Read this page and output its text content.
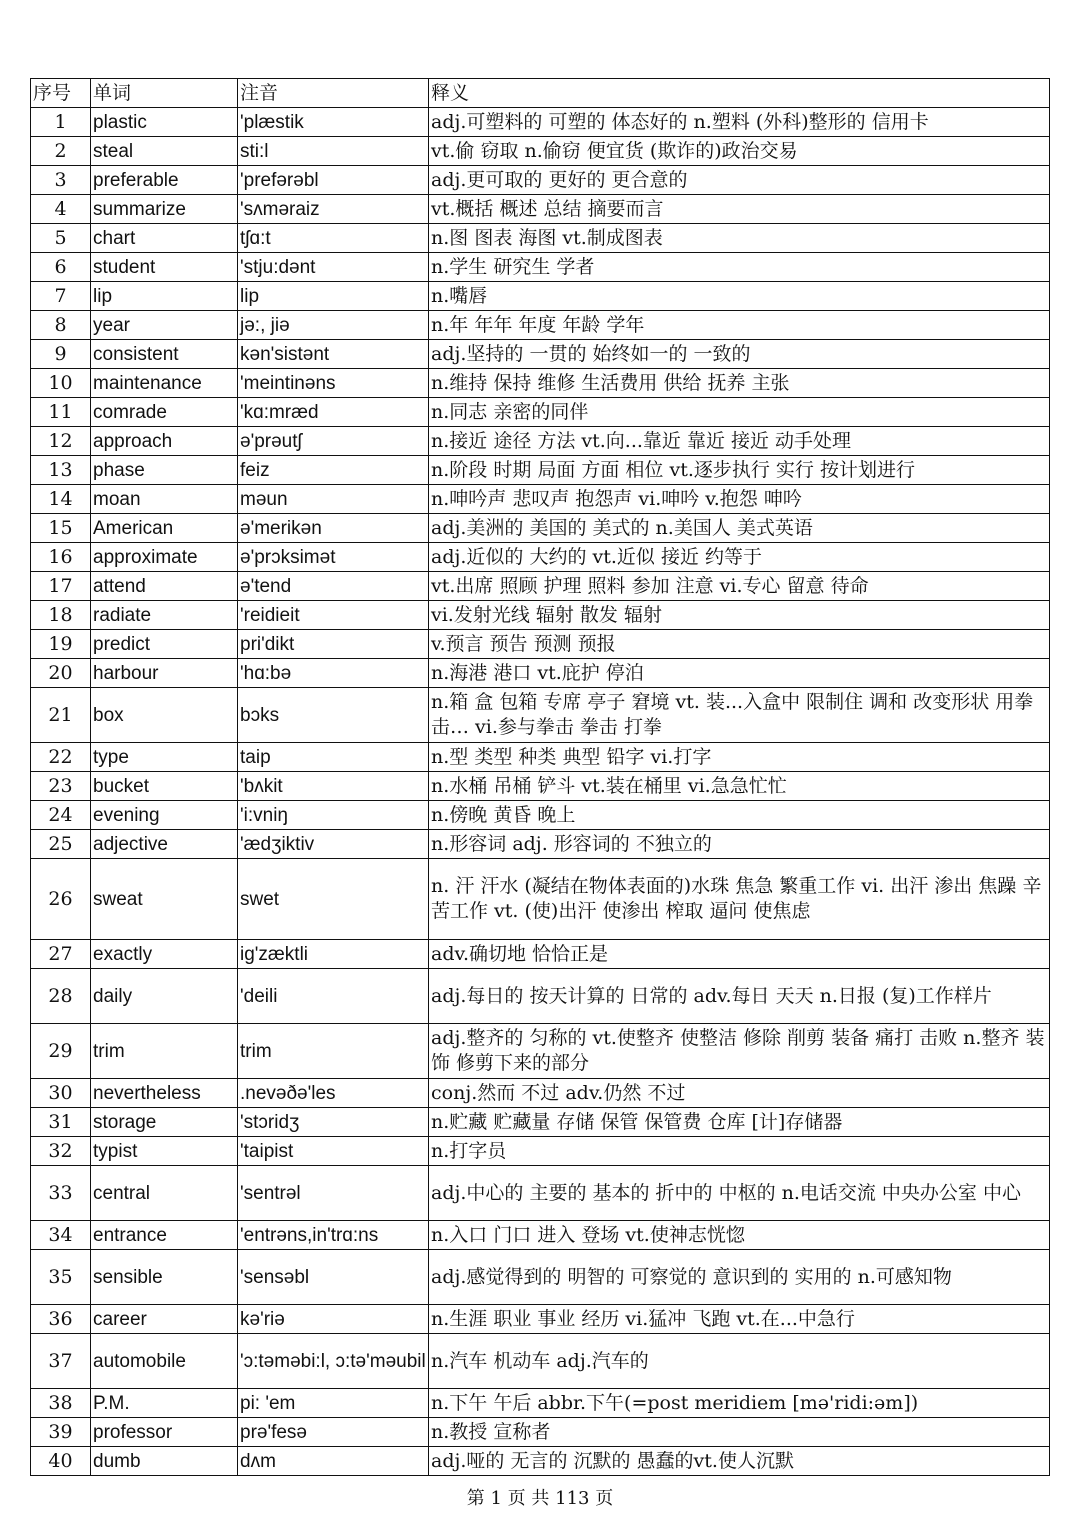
序号	单词	注音	释义
1	plastic	'plæstik	adj.可塑料的 可塑的 体态好的 n.塑料 (外科)整形的 信用卡
2	steal	sti:l	vt.偷 窃取 n.偷窃 便宜货 (欺诈的)政治交易
3	preferable	'prefərəbl	adj.更可取的 更好的 更合意的
4	summarize	'sʌməraiz	vt.概括 概述 总结 摘要而言
5	chart	tʃɑ:t	n.图 图表 海图 vt.制成图表
6	student	'stju:dənt	n.学生 研究生 学者
7	lip	lip	n.嘴唇
8	year	jə:, jiə	n.年 年年 年度 年龄 学年
9	consistent	kən'sistənt	adj.坚持的 一贯的 始终如一的 一致的
10	maintenance	'meintinəns	n.维持 保持 维修 生活费用 供给 抚养 主张
11	comrade	'kɑ:mræd	n.同志 亲密的同伴
12	approach	ə'prəutʃ	n.接近 途径 方法 vt.向...靠近 靠近 接近 动手处理
13	phase	feiz	n.阶段 时期 局面 方面 相位 vt.逐步执行 实行 按计划进行
14	moan	məun	n.呻吟声 悲叹声 抱怨声 vi.呻吟 v.抱怨 呻吟
15	American	ə'merikən	adj.美洲的 美国的 美式的 n.美国人 美式英语
16	approximate	ə'prɔksimət	adj.近似的 大约的 vt.近似 接近 约等于
17	attend	ə'tend	vt.出席 照顾 护理 照料 参加 注意 vi.专心 留意 待命
18	radiate	'reidieit	vi.发射光线 辐射 散发 辐射
19	predict	pri'dikt	v.预言 预告 预测 预报
20	harbour	'hɑ:bə	n.海港 港口 vt.庇护 停泊
21	box	bɔks	n.箱 盒 包箱 专席 亭子 窘境 vt. 装...入盒中 限制住 调和 改变形状 用拳击… vi.参与拳击 拳击 打拳
22	type	taip	n.型 类型 种类 典型 铅字 vi.打字
23	bucket	'bʌkit	n.水桶 吊桶 铲斗 vt.装在桶里 vi.急急忙忙
24	evening	'i:vniŋ	n.傍晚 黄昏 晚上
25	adjective	'ædʒiktiv	n.形容词 adj. 形容词的 不独立的
26	sweat	swet	n. 汗 汗水 (凝结在物体表面的)水珠 焦急 繁重工作 vi. 出汗 渗出 焦躁 辛苦工作 vt. (使)出汗 使渗出 榨取 逼问 使焦虑
27	exactly	ig'zæktli	adv.确切地 恰恰正是
28	daily	'deili	adj.每日的 按天计算的 日常的 adv.每日 天天 n.日报 (复)工作样片
29	trim	trim	adj.整齐的 匀称的 vt.使整齐 使整洁 修除 削剪 装备 痛打 击败 n.整齐 装饰 修剪下来的部分
30	nevertheless	.nevəðə'les	conj.然而 不过 adv.仍然 不过
31	storage	'stɔridʒ	n.贮藏 贮藏量 存储 保管 保管费 仓库 [计]存储器
32	typist	'taipist	n.打字员
33	central	'sentrəl	adj.中心的 主要的 基本的 折中的 中枢的 n.电话交流 中央办公室 中心
34	entrance	'entrəns,in'trɑ:ns	n.入口 门口 进入 登场 vt.使神志恍惚
35	sensible	'sensəbl	adj.感觉得到的 明智的 可察觉的 意识到的 实用的 n.可感知物
36	career	kə'riə	n.生涯 职业 事业 经历 vi.猛冲 飞跑 vt.在...中急行
37	automobile	'ɔ:təməbi:l, ɔ:tə'məubil	n.汽车 机动车 adj.汽车的
38	P.M.	pi: 'em	n.下午 午后 abbr.下午(=post meridiem [mə'ridi:əm])
39	professor	prə'fesə	n.教授 宣称者
40	dumb	dʌm	adj.哑的 无言的 沉默的 愚蠢的vt.使人沉默
第 1 页 共 113 页
